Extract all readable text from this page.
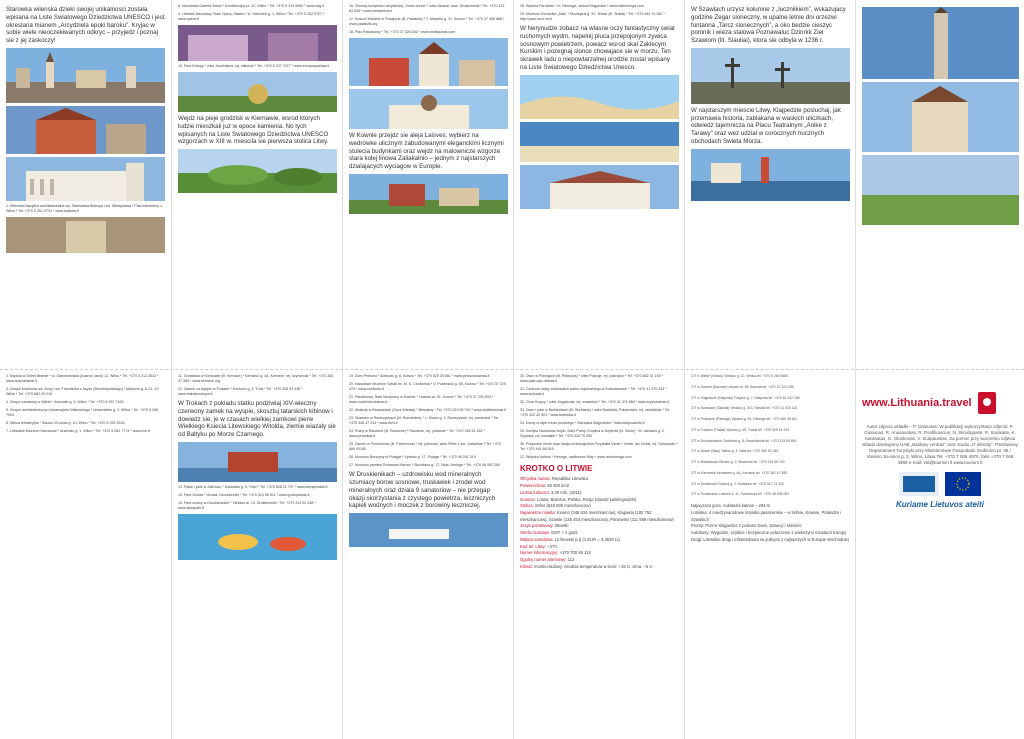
Starowka wilenska dzieki swojej unikalnosci zostala wpisana na Liste Swiatowego Dziedzictwa UNESCO i jest okreslana mianem „Arcydziela epoki baroku”. Kryjac w sobie wiele nieoczekiwanych odkryc – przyjedz i poznaj sie z jej zaskoczy!

1. Wilenska Bazylika archikatedralna sw. Stanislawa Biskupa i sw. Wladyslawa * Plac katedralny 1, Wilno * Tel. +370 5 261 0731 * www.katedra.lt

8. Narodowa Galeria Sztuki * Konstitucijos pr. 22, Wilno * Tel. +370 5 219 5960 * www.ndg.lt

9. Litewski Narodowy Teatr Opery i Baletu * A. Vienuolio g. 1, Wilno * Tel. +370 5 262 0727 * www.opera.lt

10. Park Europy * wies Jonekiskes, rej. wilenski * Tel. +370 5 237 7077 * www.europosparkas.lt

Wejdz na pieje grodzisk w Kiernawie, wsrod ktorych ludzie mieszkali juz w epoce kamienia. No tych wpisanych na Liste Swiatowego Dziedzictwa UNESCO wzgorzach w XIII w. miescila sie pierwsza stolica Litwy.

16. Zimowy kompleks rozrywkowy „Snow arena” * wies Mizarai, sam. Druskienniki * Tel. +370 313 63 545 * www.snowarena.lt

17. Kosciol Klasztor w Pozajscie (lit. Pazaislis) * T. Masiulio g. 31, Kowno * Tel. +370 37 458 868 * www.pazaislis.org

18. Plac Ratuszowy * Tel. +370 37 326 436 * www.visitkaunas.com

W Kownie przejdz sie aleja Laisves, wybierz na wedrowke ulicznym zabudowanymi eleganckimi licznymi stulecia budynkami oraz wejdz na malownicze wzgorze stara kolej linowa Zaliakalnio – jednym z najstarszych dzialajacych wyciagow w Europie.

28. Wydma Parnidzis * m. Nerunga, obwod Klajpedzki * www.visitneringa.com

29. Muzeum Zmudzkie „Alka” * Muziejaus g. 31, Telsze (lit. Telsiai) * Tel. +370 444 70 382 * http://parn.mch.mii.lt

W Nerynudze zobacz na wlasne oczy fantastyczny swiat ruchomych wydm, napelnij pluca przepojonym zywica sosnowym powietrzem, powacz wsrod skal Zaklecym Kurskim i pozegnaj slonce chowajace sie w morzu. Ten skrawek ladu o niepowtarzalnej urodzie zostal wpisany na Liste Swiatowego Dziedzictwa Unesco.

W Szawlach urzysz kolumne z „luczniikiem”, wskazujacy godzine Zegar sloneczny, w upalne letnie dni orzezwi fontanna „Tarcz slonecznych”, a oko bedzie cieszyc pomnik i wieza stalowa Poznawaluc Dzinrkk Ziel Szawlom (lit. Siauliai), ktora sie odbyla w 1236 r.

W najstarszym miescie Litwy, Klajpedzie posluchaj, jak przemawia historia, zablakana w waskich uliczkach, odwiedz tajemnicza na Placu Teatralnym „Anike z Tarawy” oraz wez udzial w corocznych hucznych obchodach Swieta Morza.

2. Kaplica w Ostrej Bramie * ul. Ostrobramska (Ausros Vartu) 12, Wilno * Tel. +370 5 212 3513 * www.ausrosvartai.lt

3. Zespol koscielow sw. Anny i sw. Franciszka z Asyzu (Bernardynskiego) * Maironio g. 8–11, 10 Wilno * Tel. +370 682 40 216

4. Zespol zamkowy w Wilnie * Arsenalo g. 5, Wilno * Tel. +370 5 267 7453

5. Zespol architektoniczny Uniwersytetu Wilenskiego * Universiteto g. 3, Wilno * Tel. +370 5 268 7003

6. Wieza telewizyjna * Sausio 13-osios g. 10, Wilno * Tel. +370 5 252 5333

7. Litewskie Muzeum Narodowe * Arsenalo g. 1, Wilno * Tel. +370 5 262 7774 * www.lnm.lt

11. Grodziska w Kiernowie (lit. Kernave) * Kerniavo g. 4A, Kernave, rej. szyrwincki * Tel. +370 382 47 385 * www.kernave.org

12. Zamek na wyspie w Trokach * Kestucio g. 4, Troki * Tel. +370 528 53 946 * www.trakaimuziejus.lt

W Trokach z pokladu statku podziwiaj XIV-wieczny czerwony zamek na wyspie, skosztuj tatarskich kibinow i dowiedz sie, je w czasach wielkiej zamkowi pierw Wielkiego Ksiecia Litewskiego Witolda, ziemie wiazaly sie od Baltyku po Morze Czarnego.

13. Palac i park w Zatroczu * Uzutrakio g. 5, Troki * Tel. +370 528 21 707 * www.semiprivatis.lt

14. Park Grutas * Grutas, Druskienniki * Tel. +370 313 55 511 * www.grutoparkas.lt

15. Park wodny w Druskienkach * Vilniaus al. 13, Druskienniki * Tel. +370 313 52 338 * www.akvapark.lt

19. Dom Perkuna * Aleksoto g. 6, Kowno * Tel. +370 620 30 881 * www.perkunonamas.lt

20. Narodowe Muzeum Sztuki im. M. K. Ciurlionisa * V. Putvinskio g. 55, Kowno * Tel. +370 37 229 475 * www.ciurlionis.lt

21. Panstwowy Teatr Muzyczny w Kownie * Laisves al. 91, Kowno * Tel. +370 37 200 933 * www.muzikinis-teatras.lt

22. Atrakcje w Birsztanach (Gora Wieska) * Birsztany * Tel. +370 319 65 740 * www.visitbirstonas.lt

23. Skansen w Rumszyskach (lit. Rumsiskes) * L. Kissio g. 2, Rumszyszki, rej. kowienski * Tel. +370 346 47 233 * www.llbm.lt

24. Ruiny w Raudone (lit. Raudone) * Raudone, rej. jurbarski * Tel. +370 345 51 262 * www.jurbarkas.lt

25. Zamek w Poniemuniu (lit. Panemune) * rej. jurborski, wies Pilies 1 sis, Jurbarkas * Tel. +370 689 93185

26. Muzeum Burszyny w Polagie * Vytauto g. 17, Polaga * Tel. +370 46 251 319

27. Muzeum pamieci Romanas Marroz * Skroblaus g. 17, Nida, Neringa * Tel. +370 46 952 260

W Druskienikach – uzdrowisku wod mineralnych szumiacy borow sosnowe, truskawek i zrodel wod mineralnych oraz dziala 9 sanatoriow – nie przegap okazji skorzystania z czystego powietrza, leczniczych kapieli wodnych i moczek z borowiny leczniczej.

30. Dwor w Pokrojach (lit. Pakruojis) * wies Pokroje, rej. pokrojski * Tel. +370 682 41 155 * www.pakruojo-dvaras.lt

31. Centrum usleg zdobiazkich parku regionalnego w Kurtuwianach * Tel. +370 41 370 333 * www.kurtuvai.lt

32. Gora Krzyzy * wies Jurgaicziai, rej. szawelski * Tel. +370 41 370 860 * www.kryziukalnas.lt

33. Dwor i park w Burbiszkach (lit. Burbiskis) * wies Burbiszki, Pakalniskis, rej. radziwilski * Tel. +370 422 42 001 * www.burbiskis.lt

34. Domy w stylu muzu pruskiego * Starowka Klajpedzka * www.klaipedainfo.lt

35. Kurtyka Narodowa Nojlin. Mani Pamy i Kaplica w Szylenie (lit. Silute) * M. Jankaus g. 2, Szylokai, rej. suwalski * Tel. +370 428 79 260

36. Przylodek Vente oraz stacja ornitologiczna Przyladka Vente * Vente, sw. Kintai, rej. Szilokuwiu * Tel. +370 441 68 516

37. Wiejska Unibos * Neringa, nadbrzeze Nidy * www.visitneringa.com

KROTKO O LITWIE
Oficjalna nazwa: Republika Litewska
Powierzchnia: 65 300 km2
Liczba ludnosci: 3,25 mln. (2011)
Granice: Lotwa, Bialorus, Polska, Rosja (obwod kaliningradzki)
Stolica: Wilno (548 835 mieszkancow)
Najwieksze miasta: Kowno (348 624 mieszkancow), Klajpeda (182 752 mieszkancow), Szawle (125 453 mieszkancow), Poniewiez (111 959 mieszkancow)
Jezyk panstwowy: litewski
Strefa czasowa: GMT + 2 godz.
Waluta narodowa: Lit litewski (Lt) (1 EUR = 3,4528 Lt)
Kod tel. Litwy: +370
Numer informacyjny: +370 700 55 118
Ogolny numer alarmowy: 112
Klimat: morsko-ladowy. Srednia temperatura w lecie: +18 C, zima: −5 C
CIT w Wilnie (Vilnius) Vilniaus g. 22, Vilnius tel. +370 5 262 9660
CIT w Kownie (Kaunas) Laisves al. 36, Kaunas tel. +370 37 323 436
CIT w Klajpedzie (Klaipeda) Turgaus g. 7, Klaipeda tel. +370 46 412 186
CIT w Szawlach (Siauliai) Vilniaus g. 213, Siauliai tel. +370 41 523 110
CIT w Polandze (Palanga) Vytauto g. 94, Palanga tel. +370 460 48 811
CIT w Trokach (Trakai) Vytauto g. 69, Trakai tel. +370 528 51 934
CIT w Druskienikach Gedimino g. 8, Druskininkai tel. +370 313 60 800
CIT w Nidzie (Nida) Taikos g. 4, Nida tel. +370 469 52 345
CIT w Birsztanach Birutes g. 2, Birstonas tel. +370 319 65 740
CIT w Kiernowie Kerniaves g. 4A, Kernave tel. +370 382 47 385
CIT w Kedainiach Didzioji g. 1, Kedainiai tel. +370 347 21 333
CIT w Poniewiezu Laisves a. 11, Panevezys tel. +370 45 508 081
Najwyzsza gora: Aukstasis kalnas – 294 m
Lotniska: 4 miedzynarodowe lotniska pasazerskie – w Wilnie, Kownie, Polandze i Szawlach
Promy: Port w Klajpedzie z portami Danii, Szwecji i Niemiec
Autobusy: Wygodne, szybkie i bezpieczne polaczenie z wiekszymi miastami Europy
Drogi: Litewskie drogi i infrastruktura sa jednymi z najlepszych w Europie Wschodniej
www.Lithuania.travel

Autor zdjecia okladki – P. Gasiunas. W publikacji wykorzystano zdjecia: P. Gasiunas, R. Anusauskas, R. Ponfiliovicius, N. Skrudupaite, R. Sniokaite, K. Kantautas, G. Gluskovas, V. Scapauskas. Za pomoc przy tworzeniu zdjecia skladu dziekujemy UAB „Baldany centras” oraz studiu „I7 identity”. Panstwowy Departament Turystyki przy Ministerstwie Gospodarki Gedimino pr. 38 / Vasario 16-osios g. 2, Wilno, Litwa Tel. +370 7 066 4976, faks +370 7 066 4988 e-mail: vtd@tourism.lt www.tourism.lt

Kuriame Lietuvos ateiti
